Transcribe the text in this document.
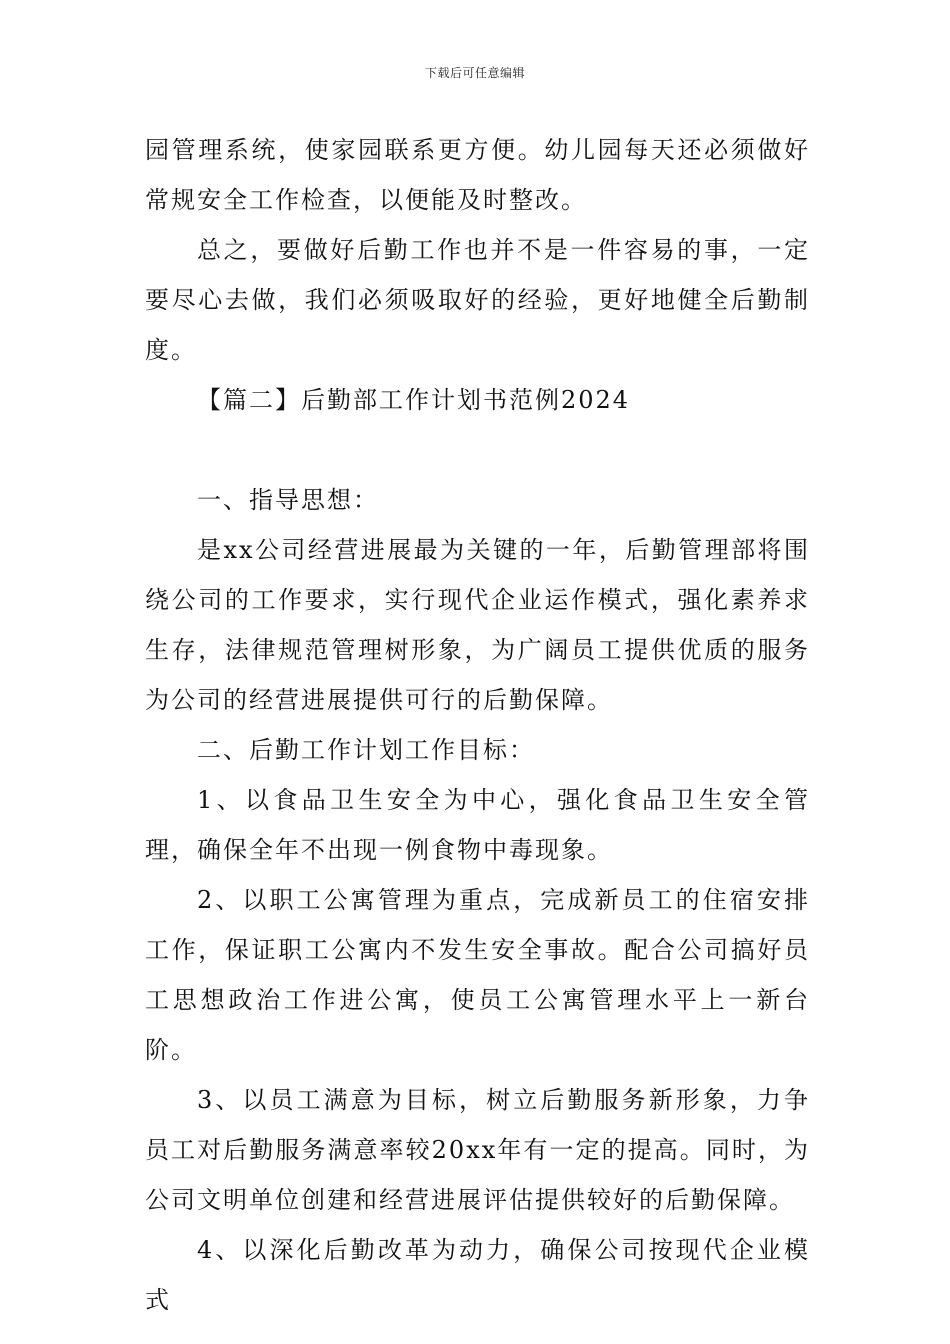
下载后可任意编辑

园管理系统，使家园联系更方便。幼儿园每天还必须做好常规安全工作检查，以便能及时整改。

总之，要做好后勤工作也并不是一件容易的事，一定要尽心去做，我们必须吸取好的经验，更好地健全后勤制度。

【篇二】后勤部工作计划书范例2024

一、指导思想：

是xx公司经营进展最为关键的一年，后勤管理部将围绕公司的工作要求，实行现代企业运作模式，强化素养求生存，法律规范管理树形象，为广阔员工提供优质的服务为公司的经营进展提供可行的后勤保障。

二、后勤工作计划工作目标：

1、以食品卫生安全为中心，强化食品卫生安全管理，确保全年不出现一例食物中毒现象。

2、以职工公寓管理为重点，完成新员工的住宿安排工作，保证职工公寓内不发生安全事故。配合公司搞好员工思想政治工作进公寓，使员工公寓管理水平上一新台阶。

3、以员工满意为目标，树立后勤服务新形象，力争员工对后勤服务满意率较20xx年有一定的提高。同时，为公司文明单位创建和经营进展评估提供较好的后勤保障。

4、以深化后勤改革为动力，确保公司按现代企业模式
